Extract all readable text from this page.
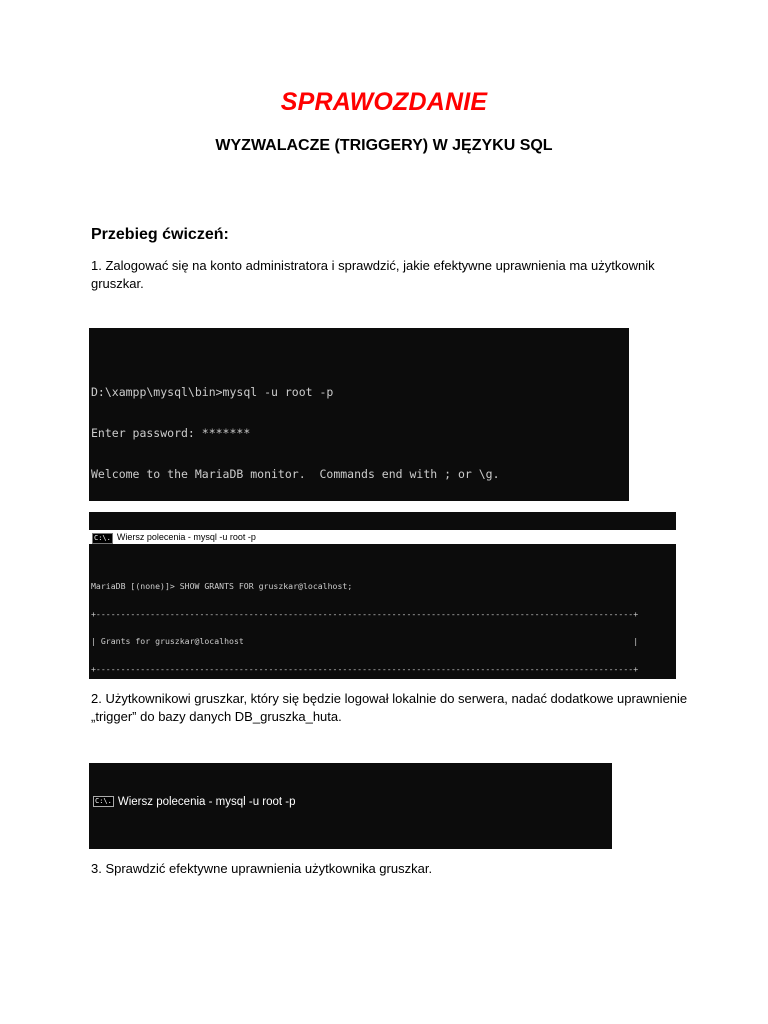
SPRAWOZDANIE
WYZWALACZE (TRIGGERY) W JĘZYKU SQL
Przebieg ćwiczeń:
1. Zalogować się na konto administratora i sprawdzić, jakie efektywne uprawnienia ma użytkownik gruszkar.

D:\xampp\mysql\bin>mysql -u root -p

Enter password: *******

Welcome to the MariaDB monitor.  Commands end with ; or \g.

C:\. Wiersz polecenia - mysql -u root -p

MariaDB [(none)]> SHOW GRANTS FOR gruszkar@localhost;

+-------------------------------------------------------------------------------------------------------------+

| Grants for gruszkar@localhost                                                                               |

+-------------------------------------------------------------------------------------------------------------+

2. Użytkownikowi gruszkar, który się będzie logował lokalnie do serwera, nadać dodatkowe uprawnienie „trigger” do bazy danych DB_gruszka_huta.

C:\. Wiersz polecenia - mysql -u root -p

3. Sprawdzić efektywne uprawnienia użytkownika gruszkar.
